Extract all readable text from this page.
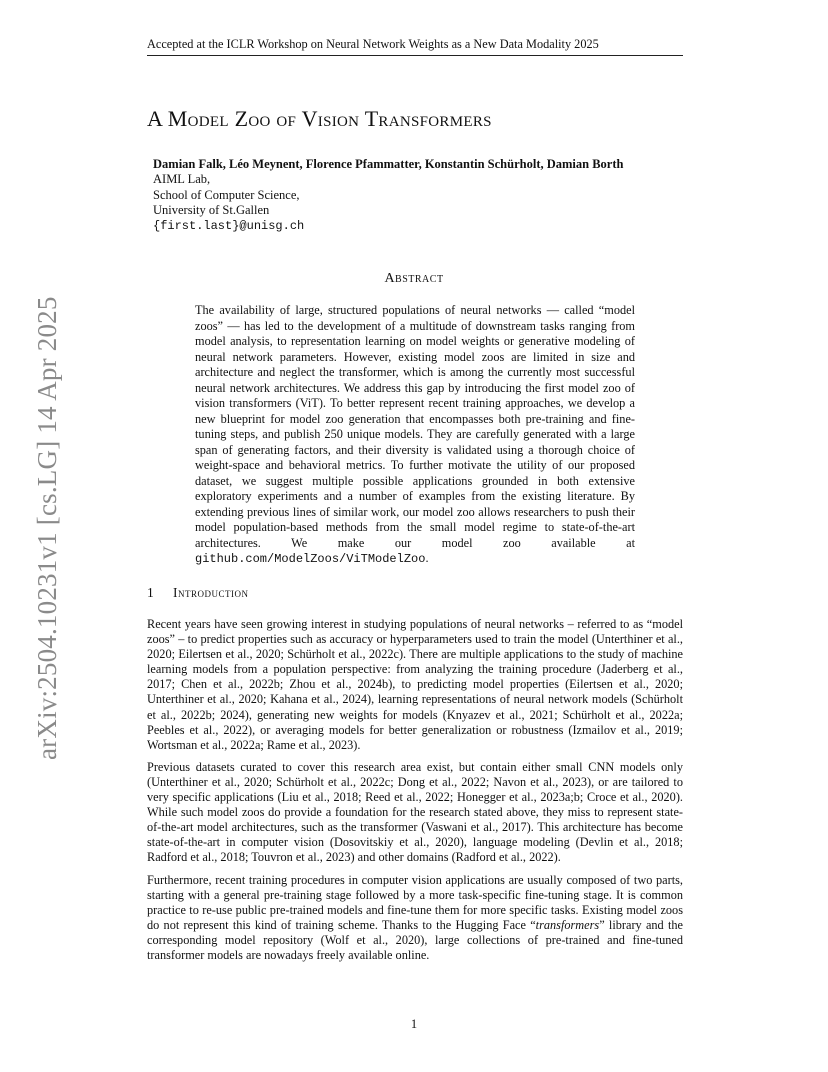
Accepted at the ICLR Workshop on Neural Network Weights as a New Data Modality 2025
A Model Zoo of Vision Transformers
Damian Falk, Léo Meynent, Florence Pfammatter, Konstantin Schürholt, Damian Borth
AIML Lab,
School of Computer Science,
University of St.Gallen
{first.last}@unisg.ch
Abstract
The availability of large, structured populations of neural networks — called “model zoos” — has led to the development of a multitude of downstream tasks ranging from model analysis, to representation learning on model weights or generative modeling of neural network parameters. However, existing model zoos are limited in size and architecture and neglect the transformer, which is among the currently most successful neural network architectures. We address this gap by introducing the first model zoo of vision transformers (ViT). To better represent recent training approaches, we develop a new blueprint for model zoo generation that encompasses both pre-training and fine-tuning steps, and publish 250 unique models. They are carefully generated with a large span of generating factors, and their diversity is validated using a thorough choice of weight-space and behavioral metrics. To further motivate the utility of our proposed dataset, we suggest multiple possible applications grounded in both extensive exploratory experiments and a number of examples from the existing literature. By extending previous lines of similar work, our model zoo allows researchers to push their model population-based methods from the small model regime to state-of-the-art architectures. We make our model zoo available at github.com/ModelZoos/ViTModelZoo.
1 Introduction

Recent years have seen growing interest in studying populations of neural networks – referred to as “model zoos” – to predict properties such as accuracy or hyperparameters used to train the model (Unterthiner et al., 2020; Eilertsen et al., 2020; Schürholt et al., 2022c). There are multiple applications to the study of machine learning models from a population perspective: from analyzing the training procedure (Jaderberg et al., 2017; Chen et al., 2022b; Zhou et al., 2024b), to predicting model properties (Eilertsen et al., 2020; Unterthiner et al., 2020; Kahana et al., 2024), learning representations of neural network models (Schürholt et al., 2022b; 2024), generating new weights for models (Knyazev et al., 2021; Schürholt et al., 2022a; Peebles et al., 2022), or averaging models for better generalization or robustness (Izmailov et al., 2019; Wortsman et al., 2022a; Rame et al., 2023).

Previous datasets curated to cover this research area exist, but contain either small CNN models only (Unterthiner et al., 2020; Schürholt et al., 2022c; Dong et al., 2022; Navon et al., 2023), or are tailored to very specific applications (Liu et al., 2018; Reed et al., 2022; Honegger et al., 2023a;b; Croce et al., 2020). While such model zoos do provide a foundation for the research stated above, they miss to represent state-of-the-art model architectures, such as the transformer (Vaswani et al., 2017). This architecture has become state-of-the-art in computer vision (Dosovitskiy et al., 2020), language modeling (Devlin et al., 2018; Radford et al., 2018; Touvron et al., 2023) and other domains (Radford et al., 2022).

Furthermore, recent training procedures in computer vision applications are usually composed of two parts, starting with a general pre-training stage followed by a more task-specific fine-tuning stage. It is common practice to re-use public pre-trained models and fine-tune them for more specific tasks. Existing model zoos do not represent this kind of training scheme. Thanks to the Hugging Face “transformers” library and the corresponding model repository (Wolf et al., 2020), large collections of pre-trained and fine-tuned transformer models are nowadays freely available online.

arXiv:2504.10231v1 [cs.LG] 14 Apr 2025
1
